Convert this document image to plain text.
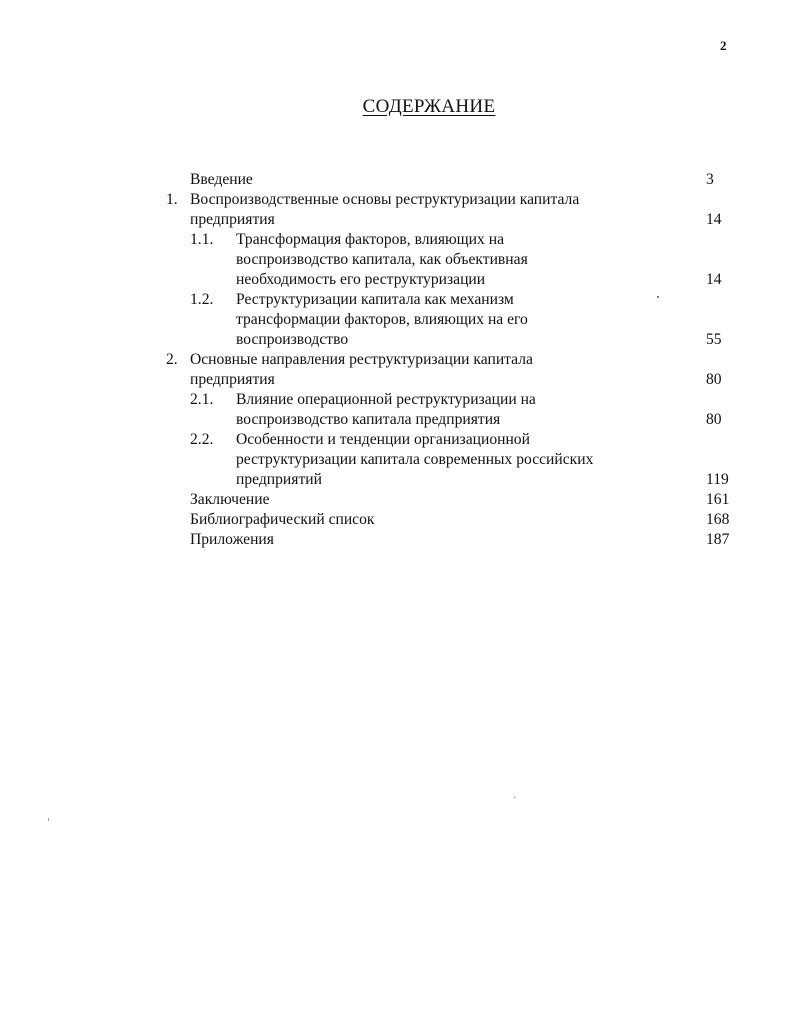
2
СОДЕРЖАНИЕ
Введение	3
1. Воспроизводственные основы реструктуризации капитала
предприятия	14
1.1. Трансформация факторов, влияющих на
воспроизводство капитала, как объективная
необходимость его реструктуризации	14
1.2. Реструктуризации капитала как механизм
трансформации факторов, влияющих на его
воспроизводство	55
2. Основные направления реструктуризации капитала
предприятия	80
2.1. Влияние операционной реструктуризации на
воспроизводство капитала предприятия	80
2.2. Особенности и тенденции организационной
реструктуризации капитала современных российских
предприятий	119
Заключение	161
Библиографический список	168
Приложения	187
